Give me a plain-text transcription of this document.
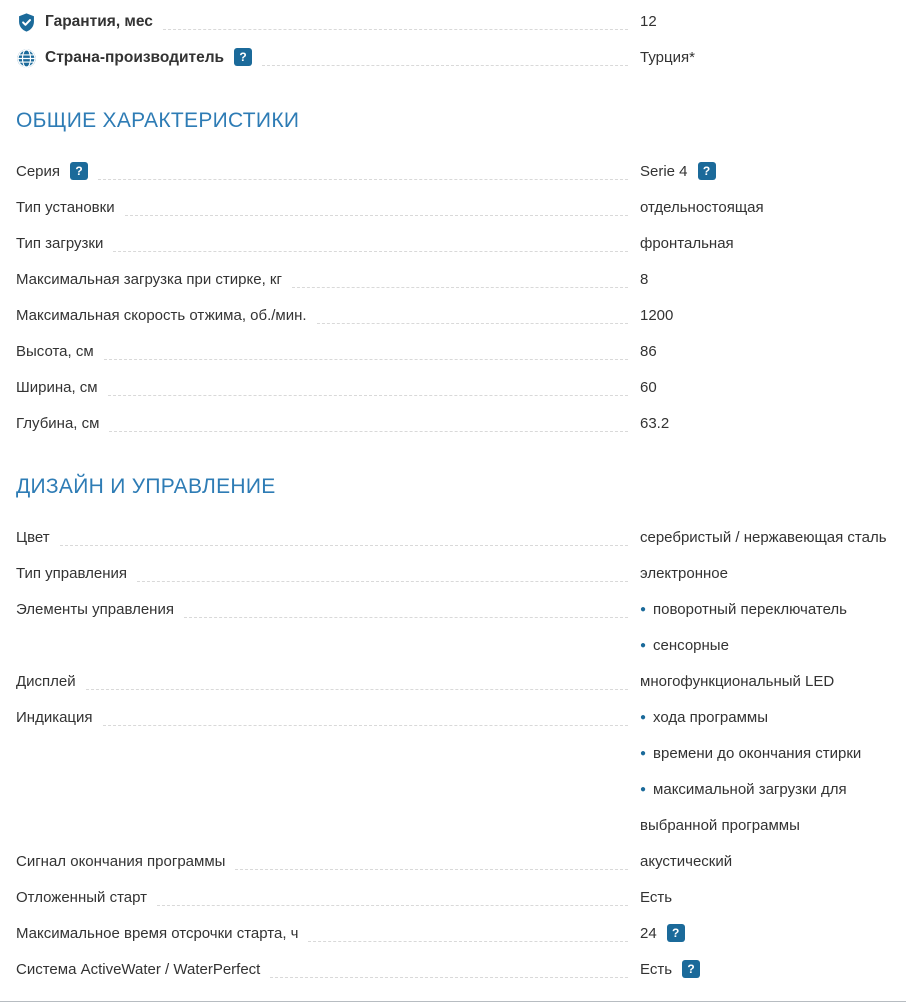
Гарантия, мес	12
Страна-производитель ?	Турция*
ОБЩИЕ ХАРАКТЕРИСТИКИ
Серия ?	Serie 4 ?
Тип установки	отдельностоящая
Тип загрузки	фронтальная
Максимальная загрузка при стирке, кг	8
Максимальная скорость отжима, об./мин.	1200
Высота, см	86
Ширина, см	60
Глубина, см	63.2
ДИЗАЙН И УПРАВЛЕНИЕ
Цвет	серебристый / нержавеющая сталь
Тип управления	электронное
Элементы управления	● поворотный переключатель
● сенсорные
Дисплей	многофункциональный LED
Индикация	● хода программы
● времени до окончания стирки
● максимальной загрузки для выбранной программы
Сигнал окончания программы	акустический
Отложенный старт	Есть
Максимальное время отсрочки старта, ч	24 ?
Система ActiveWater / WaterPerfect	Есть ?
